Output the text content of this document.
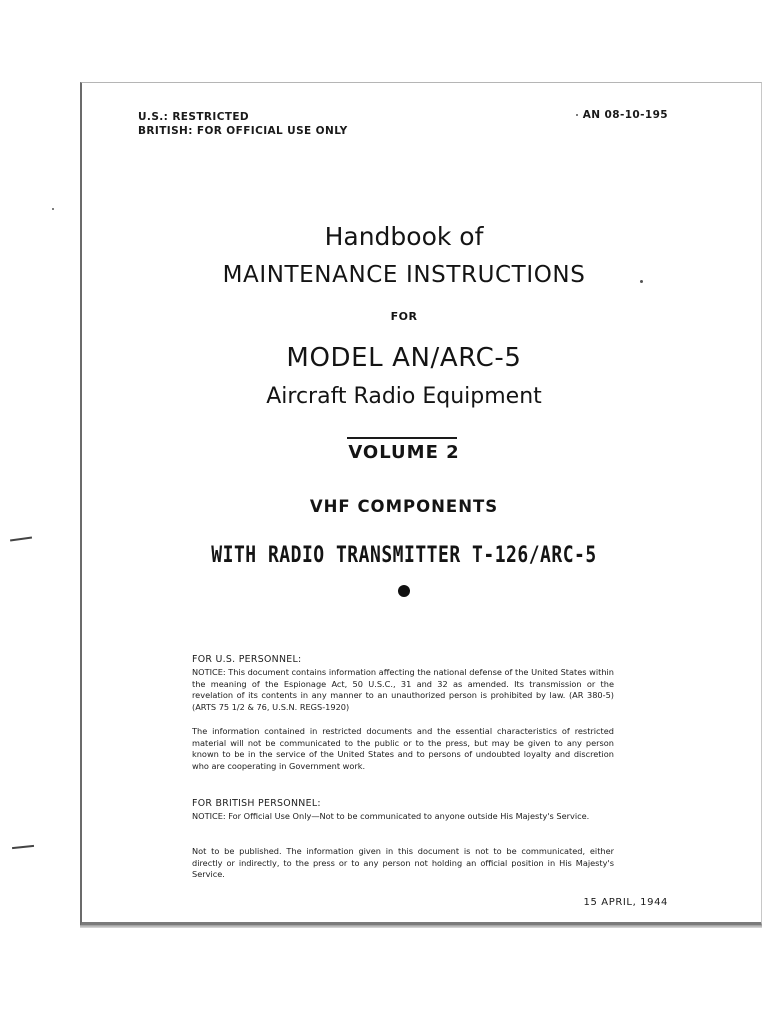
U.S.: RESTRICTED
BRITISH: FOR OFFICIAL USE ONLY
AN 08-10-195
Handbook of
MAINTENANCE INSTRUCTIONS
FOR
MODEL AN/ARC-5
Aircraft Radio Equipment
VOLUME 2
VHF COMPONENTS
WITH RADIO TRANSMITTER T-126/ARC-5
FOR U.S. PERSONNEL:

NOTICE: This document contains information affecting the national defense of the United States within the meaning of the Espionage Act, 50 U.S.C., 31 and 32 as amended. Its transmission or the revelation of its contents in any manner to an unauthorized person is prohibited by law. (AR 380-5) (ARTS 75 1/2 & 76, U.S.N. REGS-1920)

The information contained in restricted documents and the essential characteristics of restricted material will not be communicated to the public or to the press, but may be given to any person known to be in the service of the United States and to persons of undoubted loyalty and discretion who are cooperating in Government work.

FOR BRITISH PERSONNEL:

NOTICE: For Official Use Only—Not to be communicated to anyone outside His Majesty's Service.

Not to be published. The information given in this document is not to be communicated, either directly or indirectly, to the press or to any person not holding an official position in His Majesty's Service.

15 APRIL, 1944
